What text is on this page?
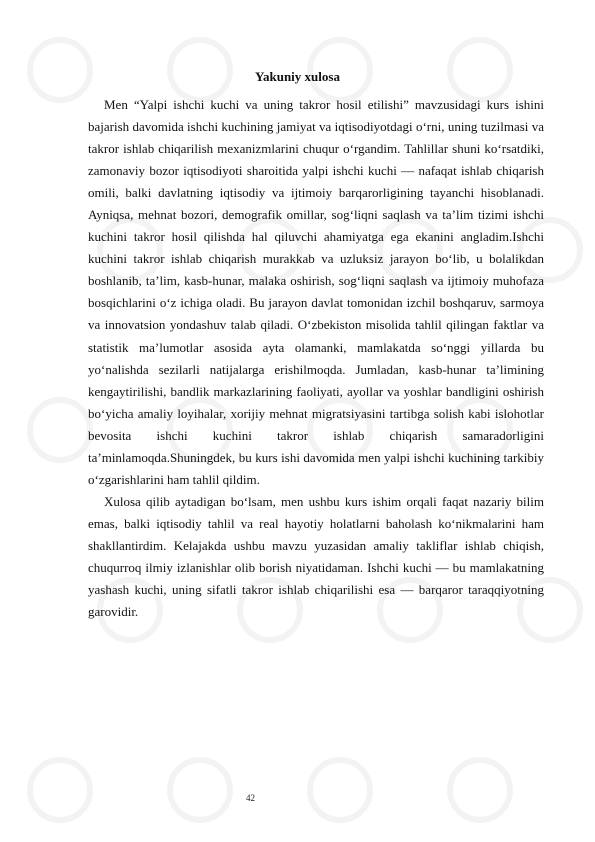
Yakuniy xulosa

Men “Yalpi ishchi kuchi va uning takror hosil etilishi” mavzusidagi kurs ishini bajarish davomida ishchi kuchining jamiyat va iqtisodiyotdagi o‘rni, uning tuzilmasi va takror ishlab chiqarilish mexanizmlarini chuqur o‘rgandim. Tahlillar shuni ko‘rsatdiki, zamonaviy bozor iqtisodiyoti sharoitida yalpi ishchi kuchi — nafaqat ishlab chiqarish omili, balki davlatning iqtisodiy va ijtimoiy barqarorligining tayanchi hisoblanadi. Ayniqsa, mehnat bozori, demografik omillar, sog‘liqni saqlash va ta’lim tizimi ishchi kuchini takror hosil qilishda hal qiluvchi ahamiyatga ega ekanini angladim.Ishchi kuchini takror ishlab chiqarish murakkab va uzluksiz jarayon bo‘lib, u bolalikdan boshlanib, ta’lim, kasb-hunar, malaka oshirish, sog‘liqni saqlash va ijtimoiy muhofaza bosqichlarini o‘z ichiga oladi. Bu jarayon davlat tomonidan izchil boshqaruv, sarmoya va innovatsion yondashuv talab qiladi. O‘zbekiston misolida tahlil qilingan faktlar va statistik ma’lumotlar asosida ayta olamanki, mamlakatda so‘nggi yillarda bu yo‘nalishda sezilarli natijalarga erishilmoqda. Jumladan, kasb-hunar ta’limining kengaytirilishi, bandlik markazlarining faoliyati, ayollar va yoshlar bandligini oshirish bo‘yicha amaliy loyihalar, xorijiy mehnat migratsiyasini tartibga solish kabi islohotlar bevosita ishchi kuchini takror ishlab chiqarish samaradorligini ta’minlamoqda.Shuningdek, bu kurs ishi davomida men yalpi ishchi kuchining tarkibiy o‘zgarishlarini ham tahlil qildim.

Xulosa qilib aytadigan bo‘lsam, men ushbu kurs ishim orqali faqat nazariy bilim emas, balki iqtisodiy tahlil va real hayotiy holatlarni baholash ko‘nikmalarini ham shakllantirdim. Kelajakda ushbu mavzu yuzasidan amaliy takliflar ishlab chiqish, chuqurroq ilmiy izlanishlar olib borish niyatidaman. Ishchi kuchi — bu mamlakatning yashash kuchi, uning sifatli takror ishlab chiqarilishi esa — barqaror taraqqiyotning garovidir.

42
